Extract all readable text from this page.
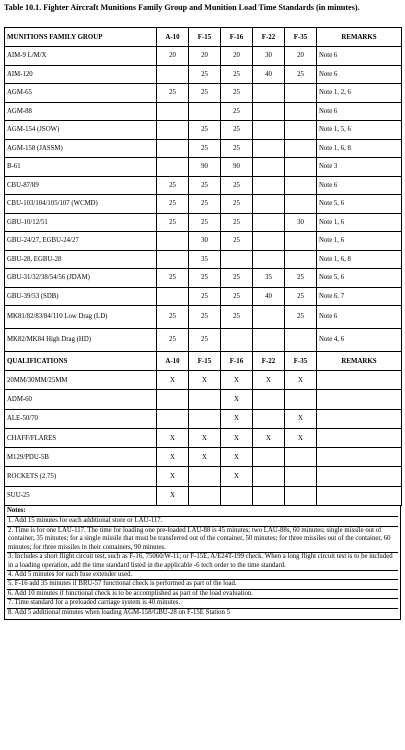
Table 10.1. Fighter Aircraft Munitions Family Group and Munition Load Time Standards (in minutes).
MUNITIONS FAMILY GROUP	A-10	F-15	F-16	F-22	F-35	REMARKS
AIM-9 L/M/X	20	20	20	30	20	Note 6
AIM-120		25	25	40	25	Note 6
AGM-65	25	25	25			Note 1, 2, 6
AGM-88			25			Note 6
AGM-154 (JSOW)		25	25			Note 1, 5, 6
AGM-158 (JASSM)		25	25			Note 1, 6, 8
B-61		90	90			Note 3
CBU-87/89	25	25	25			Note 6
CBU-103/104/105/107 (WCMD)	25	25	25			Note 5, 6
GBU-10/12/51	25	25	25		30	Note 1, 6
GBU-24/27, EGBU-24/27		30	25			Note 1, 6
GBU-28, EGBU-28		35				Note 1, 6, 8
GBU-31/32/38/54/56 (JDAM)	25	25	25	35	25	Note 5, 6
GBU-39/53 (SDB)		25	25	40	25	Note 6, 7
MK81/82/83/84/110 Low Drag (LD)	25	25	25		25	Note 6
MK82/MK84 High Drag (HD)	25	25				Note 4, 6
QUALIFICATIONS	A-10	F-15	F-16	F-22	F-35	REMARKS
20MM/30MM/25MM	X	X	X	X	X	
ADM-60			X			
ALE-50/70			X		X	
CHAFF/FLARES	X	X	X	X	X	
M129/PDU-5B	X	X	X			
ROCKETS (2.75)	X		X			
SUU-25	X					
Notes:
1. Add 15 minutes for each additional store or LAU-117.
2. Time is for one LAU-117. The time for loading one pre-loaded LAU-88 is 45 minutes; two LAU-88s, 60 minutes; single missile out of container, 35 minutes; for a single missile that must be transferred out of the container, 50 minutes; for three missiles out of the container, 60 minutes; for three missiles in their containers, 90 minutes.
3. Includes a short flight circuit test, such as F-16, 75060/W-11; or F-15E, A/E24T-199 check. When a long flight circuit test is to be included in a loading operation, add the time standard listed in the applicable -6 tech order to the time standard.
4. Add 5 minutes for each fuse extender used.
5. F-16 add 35 minutes if BRU-57 functional check is performed as part of the load.
6. Add 10 minutes if functional check is to be accomplished as part of the load evaluation.
7. Time standard for a preloaded carriage system is 40 minutes.
8. Add 5 additional minutes when loading AGM-158/GBU-28 on F-15E Station 5
